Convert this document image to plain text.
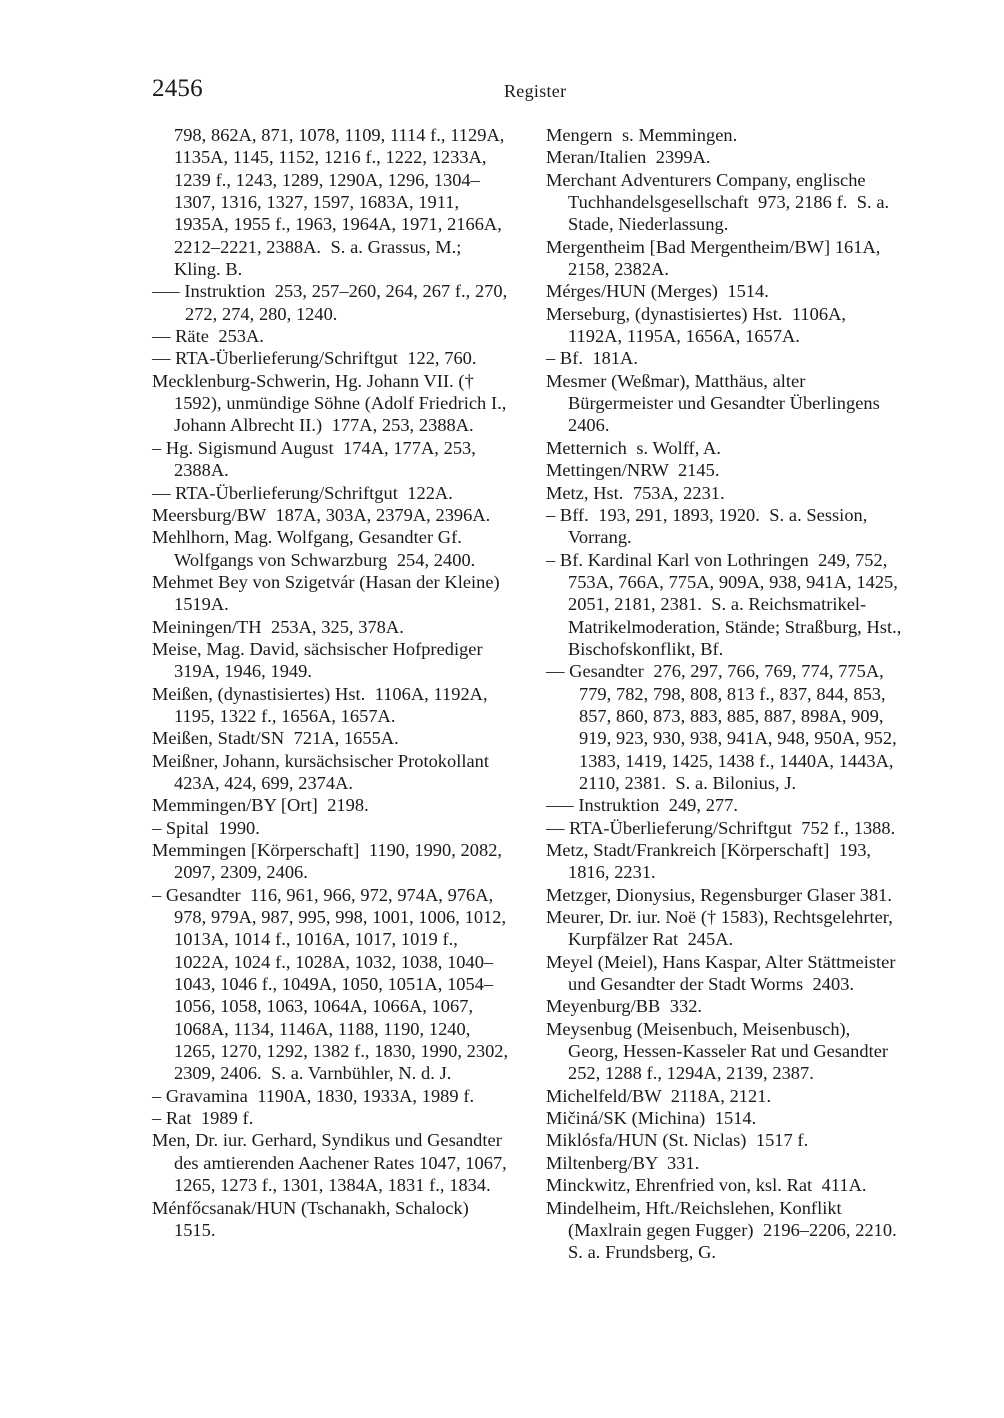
2456	Register

798, 862A, 871, 1078, 1109, 1114 f., 1129A, 1135A, 1145, 1152, 1216 f., 1222, 1233A, 1239 f., 1243, 1289, 1290A, 1296, 1304–1307, 1316, 1327, 1597, 1683A, 1911, 1935A, 1955 f., 1963, 1964A, 1971, 2166A, 2212–2221, 2388A.  S. a. Grassus, M.; Kling. B.

––– Instruktion  253, 257–260, 264, 267 f., 270, 272, 274, 280, 1240.

–– Räte  253A.

–– RTA-Überlieferung/Schriftgut  122, 760.

Mecklenburg-Schwerin, Hg. Johann VII. († 1592), unmündige Söhne (Adolf Friedrich I., Johann Albrecht II.)  177A, 253, 2388A.

– Hg. Sigismund August  174A, 177A, 253, 2388A.

–– RTA-Überlieferung/Schriftgut  122A.

Meersburg/BW  187A, 303A, 2379A, 2396A.

Mehlhorn, Mag. Wolfgang, Gesandter Gf. Wolfgangs von Schwarzburg  254, 2400.

Mehmet Bey von Szigetvár (Hasan der Kleine)  1519A.

Meiningen/TH  253A, 325, 378A.

Meise, Mag. David, sächsischer Hofprediger 319A, 1946, 1949.

Meißen, (dynastisiertes) Hst.  1106A, 1192A, 1195, 1322 f., 1656A, 1657A.

Meißen, Stadt/SN  721A, 1655A.

Meißner, Johann, kursächsischer Protokollant 423A, 424, 699, 2374A.

Memmingen/BY [Ort]  2198.

– Spital  1990.

Memmingen [Körperschaft]  1190, 1990, 2082, 2097, 2309, 2406.

– Gesandter  116, 961, 966, 972, 974A, 976A, 978, 979A, 987, 995, 998, 1001, 1006, 1012, 1013A, 1014 f., 1016A, 1017, 1019 f., 1022A, 1024 f., 1028A, 1032, 1038, 1040–1043, 1046 f., 1049A, 1050, 1051A, 1054–1056, 1058, 1063, 1064A, 1066A, 1067, 1068A, 1134, 1146A, 1188, 1190, 1240, 1265, 1270, 1292, 1382 f., 1830, 1990, 2302, 2309, 2406.  S. a. Varnbühler, N. d. J.

– Gravamina  1190A, 1830, 1933A, 1989 f.

– Rat  1989 f.

Men, Dr. iur. Gerhard, Syndikus und Gesandter des amtierenden Aachener Rates 1047, 1067, 1265, 1273 f., 1301, 1384A, 1831 f., 1834.

Ménfőcsanak/HUN (Tschanakh, Schalock) 1515.

Mengern  s. Memmingen.

Meran/Italien  2399A.

Merchant Adventurers Company, englische Tuchhandelsgesellschaft  973, 2186 f.  S. a. Stade, Niederlassung.

Mergentheim [Bad Mergentheim/BW] 161A, 2158, 2382A.

Mérges/HUN (Merges)  1514.

Merseburg, (dynastisiertes) Hst.  1106A, 1192A, 1195A, 1656A, 1657A.

– Bf.  181A.

Mesmer (Weßmar), Matthäus, alter Bürgermeister und Gesandter Überlingens  2406.

Metternich  s. Wolff, A.

Mettingen/NRW  2145.

Metz, Hst.  753A, 2231.

– Bff.  193, 291, 1893, 1920.  S. a. Session, Vorrang.

– Bf. Kardinal Karl von Lothringen  249, 752, 753A, 766A, 775A, 909A, 938, 941A, 1425, 2051, 2181, 2381.  S. a. Reichsmatrikel-Matrikelmoderation, Stände; Straßburg, Hst., Bischofskonflikt, Bf.

–– Gesandter  276, 297, 766, 769, 774, 775A, 779, 782, 798, 808, 813 f., 837, 844, 853, 857, 860, 873, 883, 885, 887, 898A, 909, 919, 923, 930, 938, 941A, 948, 950A, 952, 1383, 1419, 1425, 1438 f., 1440A, 1443A, 2110, 2381.  S. a. Bilonius, J.

––– Instruktion  249, 277.

–– RTA-Überlieferung/Schriftgut  752 f., 1388.

Metz, Stadt/Frankreich [Körperschaft]  193, 1816, 2231.

Metzger, Dionysius, Regensburger Glaser 381.

Meurer, Dr. iur. Noë († 1583), Rechtsgelehrter, Kurpfälzer Rat  245A.

Meyel (Meiel), Hans Kaspar, Alter Stättmeister und Gesandter der Stadt Worms  2403.

Meyenburg/BB  332.

Meysenbug (Meisenbuch, Meisenbusch), Georg, Hessen-Kasseler Rat und Gesandter 252, 1288 f., 1294A, 2139, 2387.

Michelfeld/BW  2118A, 2121.

Mičiná/SK (Michina)  1514.

Miklósfa/HUN (St. Niclas)  1517 f.

Miltenberg/BY  331.

Minckwitz, Ehrenfried von, ksl. Rat  411A.

Mindelheim, Hft./Reichslehen, Konflikt (Maxlrain gegen Fugger)  2196–2206, 2210.  S. a. Frundsberg, G.
